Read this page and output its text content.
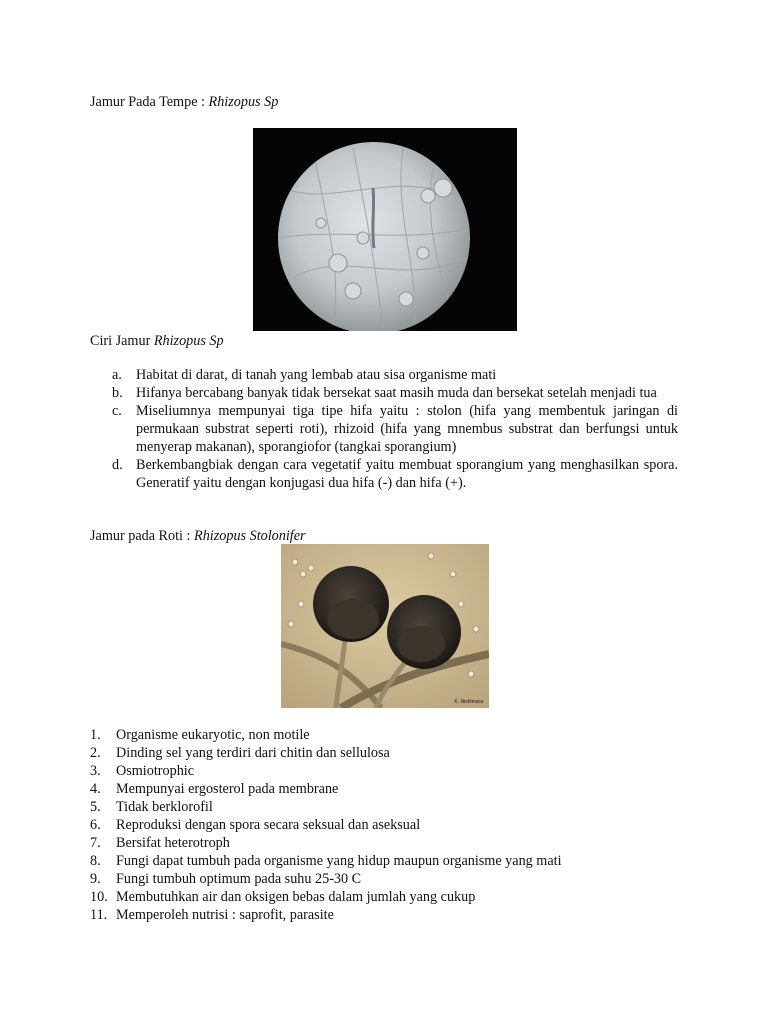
Jamur Pada Tempe : Rhizopus Sp
Ciri Jamur Rhizopus Sp
a. Habitat di darat, di tanah yang lembab atau sisa organisme mati
b. Hifanya bercabang banyak tidak bersekat saat masih muda dan bersekat setelah menjadi tua
c. Miseliumnya mempunyai tiga tipe hifa yaitu : stolon (hifa yang membentuk jaringan di permukaan substrat seperti roti), rhizoid (hifa yang mnembus substrat dan berfungsi untuk menyerap makanan), sporangiofor (tangkai sporangium)
d. Berkembangbiak dengan cara vegetatif yaitu membuat sporangium yang menghasilkan spora. Generatif yaitu dengan konjugasi dua hifa (-) dan hifa (+).
Jamur pada Roti : Rhizopus Stolonifer
K. Nishimura
1.	Organisme eukaryotic, non motile
2.	Dinding sel yang terdiri dari chitin dan sellulosa
3.	Osmiotrophic
4.	Mempunyai ergosterol pada membrane
5.	Tidak berklorofil
6.	Reproduksi dengan spora secara seksual dan aseksual
7.	Bersifat heterotroph
8.	Fungi dapat tumbuh pada organisme yang hidup maupun organisme yang mati
9.	Fungi tumbuh optimum pada suhu 25-30 C
10. Membutuhkan air dan oksigen bebas dalam jumlah yang cukup
11. Memperoleh nutrisi : saprofit, parasite
